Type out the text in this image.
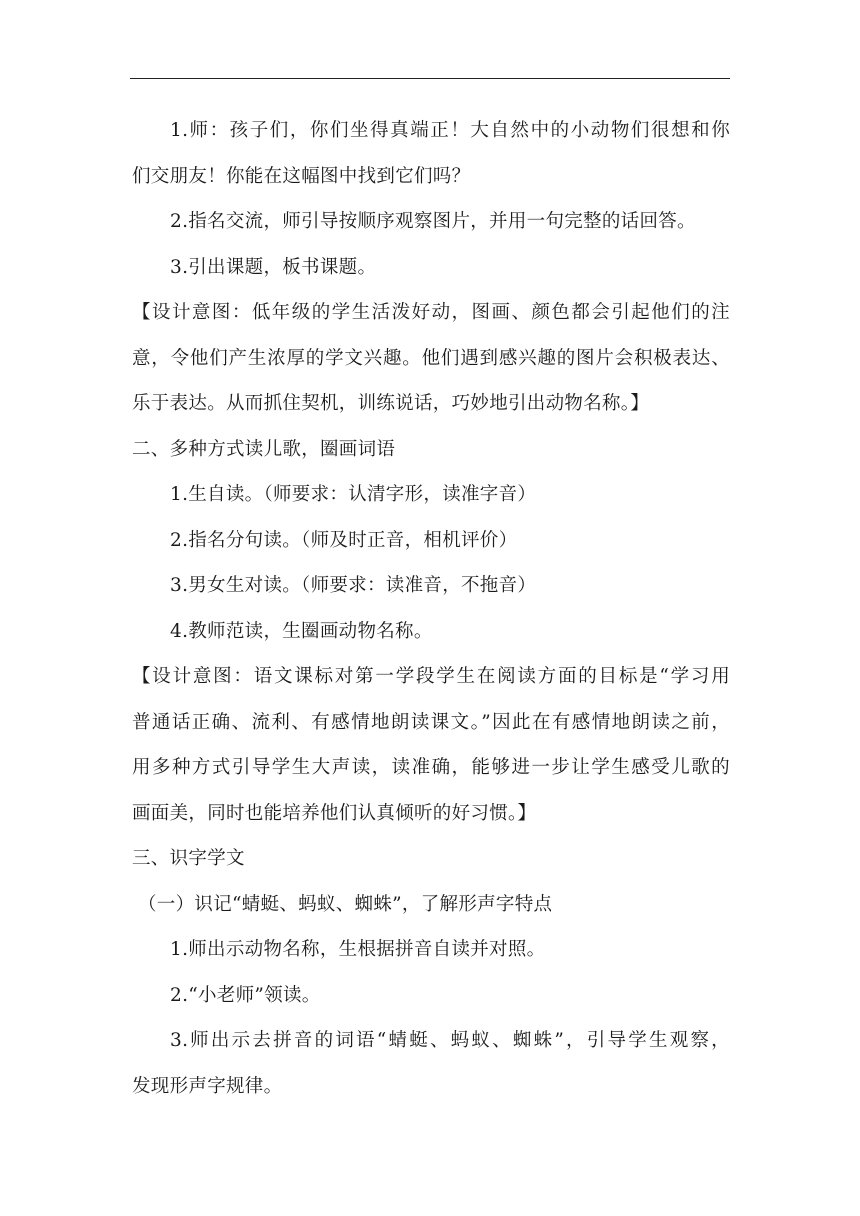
1.师：孩子们，你们坐得真端正！大自然中的小动物们很想和你
们交朋友！你能在这幅图中找到它们吗？
2.指名交流，师引导按顺序观察图片，并用一句完整的话回答。
3.引出课题，板书课题。
【设计意图：低年级的学生活泼好动，图画、颜色都会引起他们的注
意，令他们产生浓厚的学文兴趣。他们遇到感兴趣的图片会积极表达、
乐于表达。从而抓住契机，训练说话，巧妙地引出动物名称。】
二、多种方式读儿歌，圈画词语
1.生自读。（师要求：认清字形，读准字音）
2.指名分句读。（师及时正音，相机评价）
3.男女生对读。（师要求：读准音，不拖音）
4.教师范读，生圈画动物名称。
【设计意图：语文课标对第一学段学生在阅读方面的目标是“学习用
普通话正确、流利、有感情地朗读课文。”因此在有感情地朗读之前，
用多种方式引导学生大声读，读准确，能够进一步让学生感受儿歌的
画面美，同时也能培养他们认真倾听的好习惯。】
三、识字学文
（一）识记“蜻蜓、蚂蚁、蜘蛛”，了解形声字特点
1.师出示动物名称，生根据拼音自读并对照。
2.“小老师”领读。
3.师出示去拼音的词语“蜻蜓、蚂蚁、蜘蛛”，引导学生观察，
发现形声字规律。
